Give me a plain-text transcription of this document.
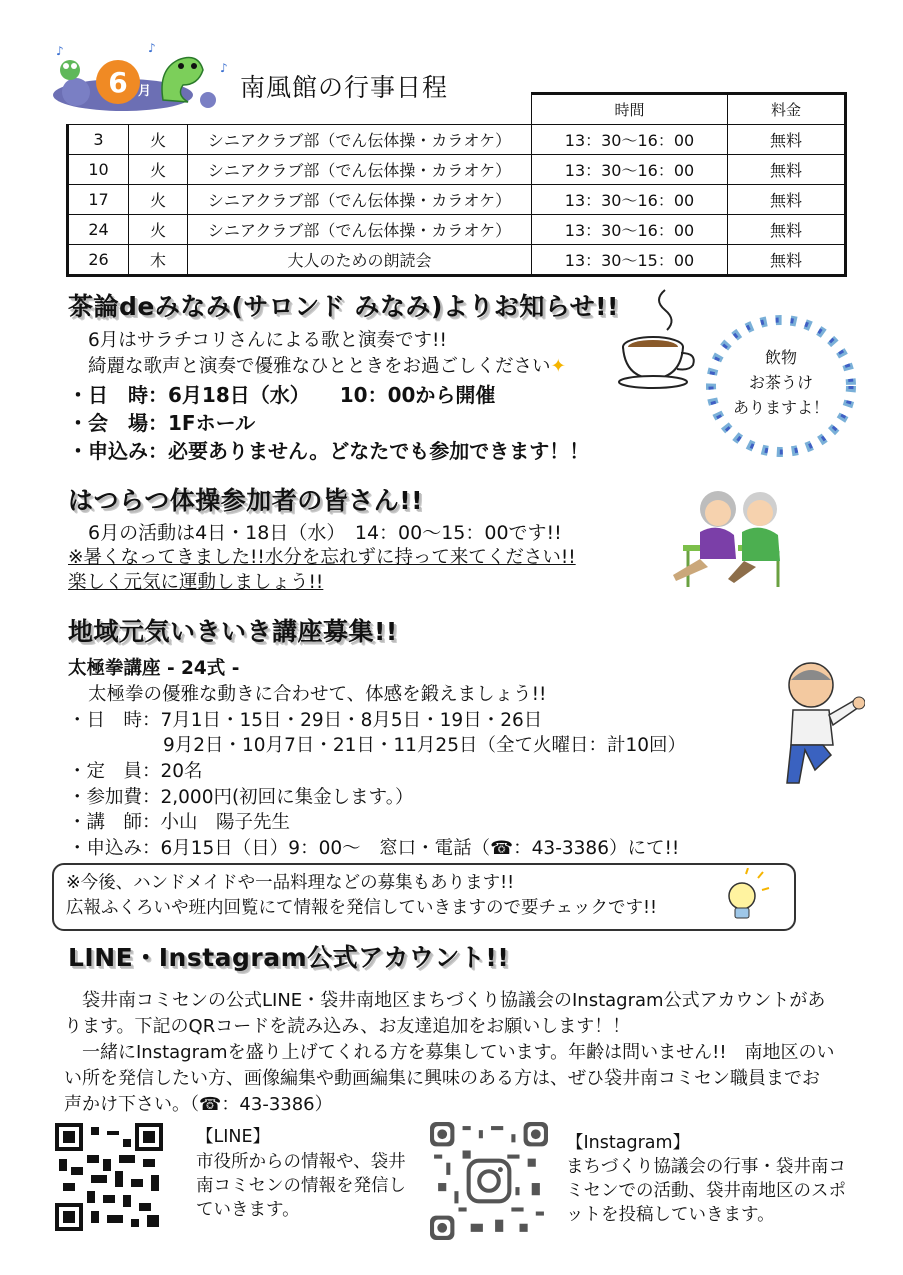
6 月
♪	♪
♪
南風館の行事日程
			時間	料金
3	火	シニアクラブ部（でん伝体操・カラオケ）	13：30～16：00	無料
10	火	シニアクラブ部（でん伝体操・カラオケ）	13：30～16：00	無料
17	火	シニアクラブ部（でん伝体操・カラオケ）	13：30～16：00	無料
24	火	シニアクラブ部（でん伝体操・カラオケ）	13：30～16：00	無料
26	木	大人のための朗読会	13：30～15：00	無料
茶論deみなみ(サロンド みなみ)よりお知らせ!!
6月はサラチコリさんによる歌と演奏です!!
綺麗な歌声と演奏で優雅なひとときをお過ごしください✦
・日　時：6月18日（水）　　10：00から開催
・会　場：1Fホール
・申込み：必要ありません。どなたでも参加できます！！
飲物
お茶うけ
ありますよ！
はつらつ体操参加者の皆さん!!
6月の活動は4日・18日（水）　14：00～15：00です!!
※暑くなってきました!!水分を忘れずに持って来てください!!
楽しく元気に運動しましょう!!
地域元気いきいき講座募集!!
太極拳講座 - 24式 -
太極拳の優雅な動きに合わせて、体感を鍛えましょう!!
・日　時：7月1日・15日・29日・8月5日・19日・26日
9月2日・10月7日・21日・11月25日（全て火曜日：計10回）
・定　員：20名
・参加費：2,000円(初回に集金します。）
・講　師：小山　陽子先生
・申込み：6月15日（日）9：00～　窓口・電話（☎：43-3386）にて!!
※今後、ハンドメイドや一品料理などの募集もあります!!
広報ふくろいや班内回覧にて情報を発信していきますので要チェックです!!
LINE・Instagram公式アカウント!!
袋井南コミセンの公式LINE・袋井南地区まちづくり協議会のInstagram公式アカウントがあります。下記のQRコードを読み込み、お友達追加をお願いします！！
一緒にInstagramを盛り上げてくれる方を募集しています。年齢は問いません!!　南地区のいい所を発信したい方、画像編集や動画編集に興味のある方は、ぜひ袋井南コミセン職員までお声かけ下さい。（☎：43-3386）
【LINE】
市役所からの情報や、袋井南コミセンの情報を発信していきます。
【Instagram】
まちづくり協議会の行事・袋井南コミセンでの活動、袋井南地区のスポットを投稿していきます。
